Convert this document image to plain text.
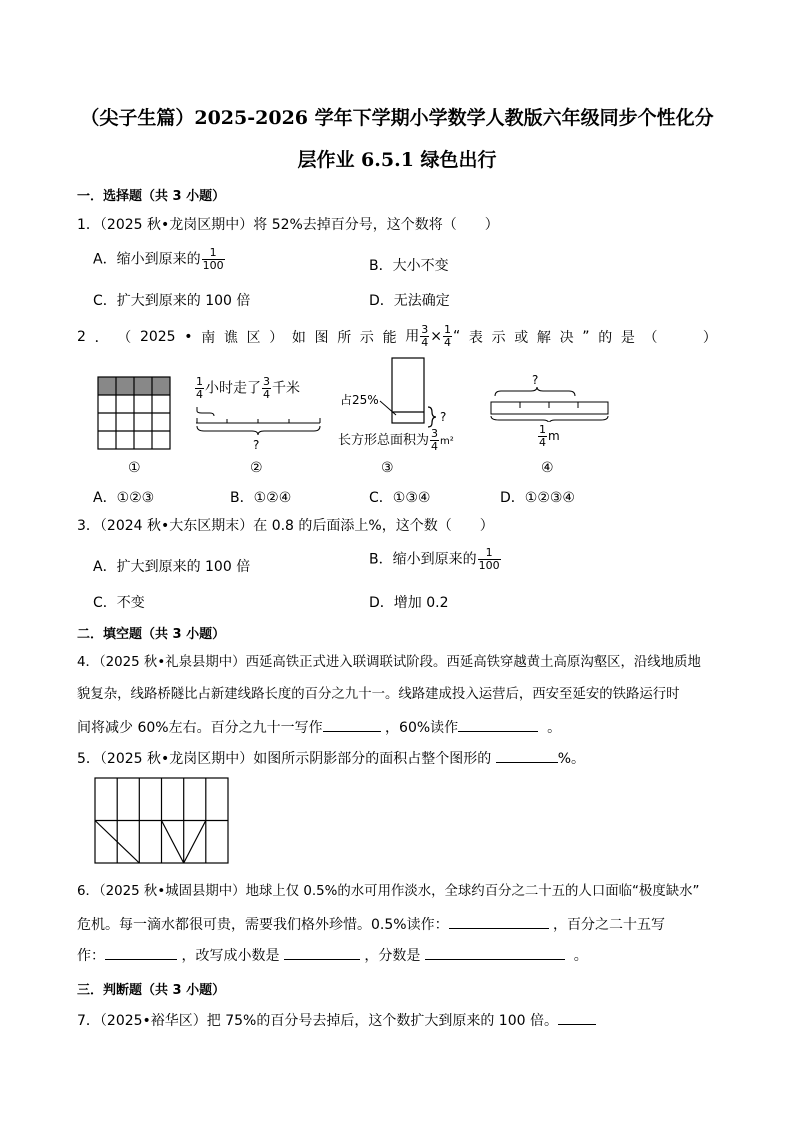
（尖子生篇）2025-2026 学年下学期小学数学人教版六年级同步个性化分
层作业 6.5.1 绿色出行
一．选择题（共 3 小题）
1．（2025 秋•龙岗区期中）将 52%去掉百分号，这个数将（　　）
A．缩小到原来的 $\frac{1}{100}$	B．大小不变
C．扩大到原来的 100 倍	D．无法确定
2 ． （ 2025 • 南 谯 区 ） 如 图 所 示 能 用 $\frac{3}{4} \times \frac{1}{4}$ “ 表 示 或 解 决 ” 的 是 （
　　	）
$\frac{1}{4}$ 小时走了 $\frac{3}{4}$ 千米
?
占25%
?
长方形总面积为 $\frac{3}{4} m^2$
?
$\frac{1}{4}$ m
①	②	③	④
A．①②③	B．①②④	C．①③④	D．①②③④
3．（2024 秋•大东区期末）在 0.8 的后面添上%，这个数（　　）
A．扩大到原来的 100 倍	B．缩小到原来的 $\frac{1}{100}$
C．不变	D．增加 0.2
二．填空题（共 3 小题）
4．（2025 秋•礼泉县期中）西延高铁正式进入联调联试阶段。西延高铁穿越黄土高原沟壑区，沿线地质地
貌复杂，线路桥隧比占新建线路长度的百分之九十一。线路建成投入运营后，西安至延安的铁路运行时
间将减少 60%左右。百分之九十一写作	，60%读作	。
5．（2025 秋•龙岗区期中）如图所示阴影部分的面积占整个图形的	%。
6．（2025 秋•城固县期中）地球上仅 0.5%的水可用作淡水，全球约百分之二十五的人口面临“极度缺水”
危机。每一滴水都很可贵，需要我们格外珍惜。0.5%读作：	，百分之二十五写
作：	，改写成小数是	，分数是	。
三．判断题（共 3 小题）
7．（2025•裕华区）把 75%的百分号去掉后，这个数扩大到原来的 100 倍。
